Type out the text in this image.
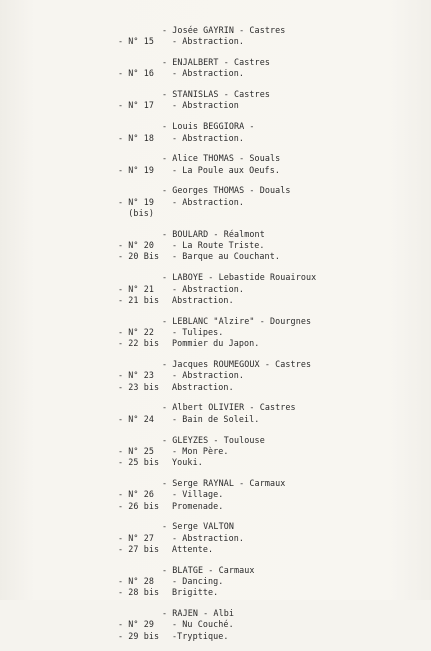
- Josée GAYRIN - Castres
- N° 15	- Abstraction.
- ENJALBERT - Castres
- N° 16	- Abstraction.
- STANISLAS - Castres
- N° 17	- Abstraction
- Louis BEGGIORA -
- N° 18	- Abstraction.
- Alice THOMAS - Souals
- N° 19	- La Poule aux Oeufs.
- Georges THOMAS - Douals
- N° 19	- Abstraction.
(bis)
- BOULARD - Réalmont
- N° 20	- La Route Triste.
- 20 Bis	- Barque au Couchant.
- LABOYE - Lebastide Rouairoux
- N° 21	- Abstraction.
- 21 bis	Abstraction.
- LEBLANC "Alzire" - Dourgnes
- N° 22	- Tulipes.
- 22 bis	Pommier du Japon.
- Jacques ROUMEGOUX - Castres
- N° 23	- Abstraction.
- 23 bis	Abstraction.
- Albert OLIVIER - Castres
- N° 24	- Bain de Soleil.
- GLEYZES - Toulouse
- N° 25	- Mon Père.
- 25 bis	Youki.
- Serge RAYNAL - Carmaux
- N° 26	- Village.
- 26 bis	Promenade.
- Serge VALTON
- N° 27	- Abstraction.
- 27 bis	Attente.
- BLATGE - Carmaux
- N° 28	- Dancing.
- 28 bis	Brigitte.
- RAJEN - Albi
- N° 29	- Nu Couché.
- 29 bis	-Tryptique.
